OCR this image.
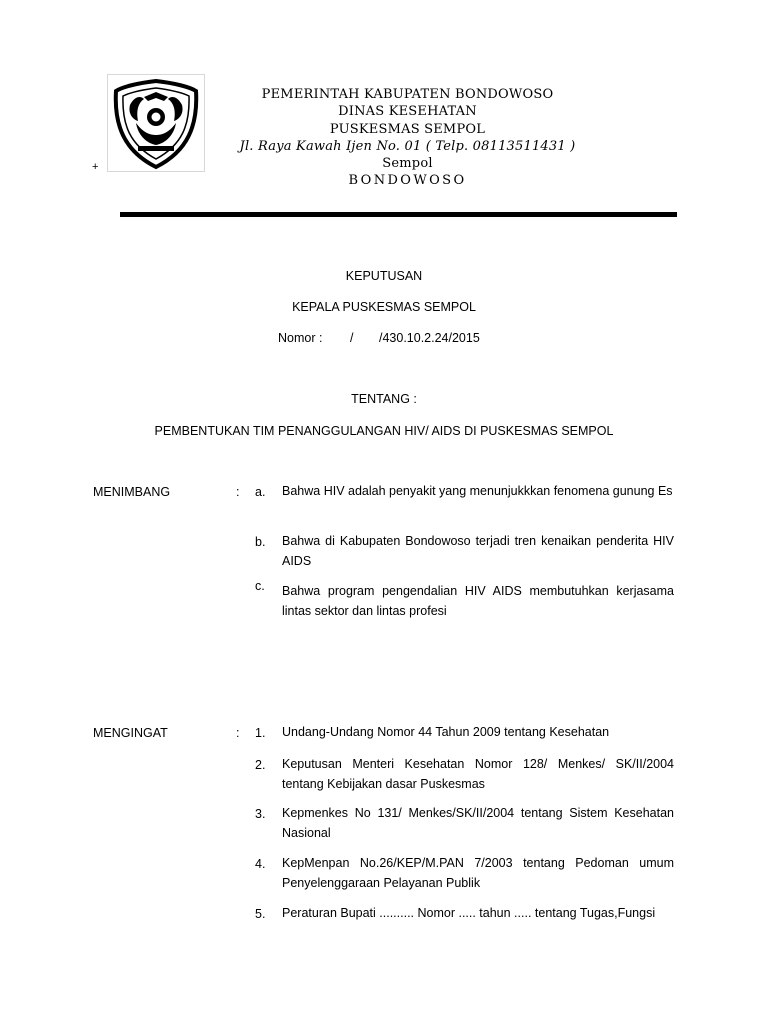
+
PEMERINTAH KABUPATEN BONDOWOSO
DINAS KESEHATAN
PUSKESMAS SEMPOL
Jl. Raya Kawah Ijen No. 01 ( Telp. 08113511431 )
Sempol
BONDOWOSO
KEPUTUSAN
KEPALA PUSKESMAS SEMPOL
Nomor : / /430.10.2.24/2015
TENTANG :
PEMBENTUKAN TIM PENANGGULANGAN HIV/ AIDS DI PUSKESMAS SEMPOL
MENIMBANG	: a. Bahwa HIV adalah penyakit yang menunjukkkan fenomena gunung Es
b. Bahwa di Kabupaten Bondowoso terjadi tren kenaikan penderita HIV AIDS
c. Bahwa program pengendalian HIV AIDS membutuhkan kerjasama lintas sektor dan lintas profesi
MENGINGAT	: 1. Undang-Undang Nomor 44 Tahun 2009 tentang Kesehatan
2. Keputusan Menteri Kesehatan Nomor 128/ Menkes/ SK/II/2004 tentang Kebijakan dasar Puskesmas
3. Kepmenkes No 131/ Menkes/SK/II/2004 tentang Sistem Kesehatan Nasional
4. KepMenpan No.26/KEP/M.PAN 7/2003 tentang Pedoman umum Penyelenggaraan Pelayanan Publik
5. Peraturan Bupati .......... Nomor ..... tahun ..... tentang Tugas,Fungsi
